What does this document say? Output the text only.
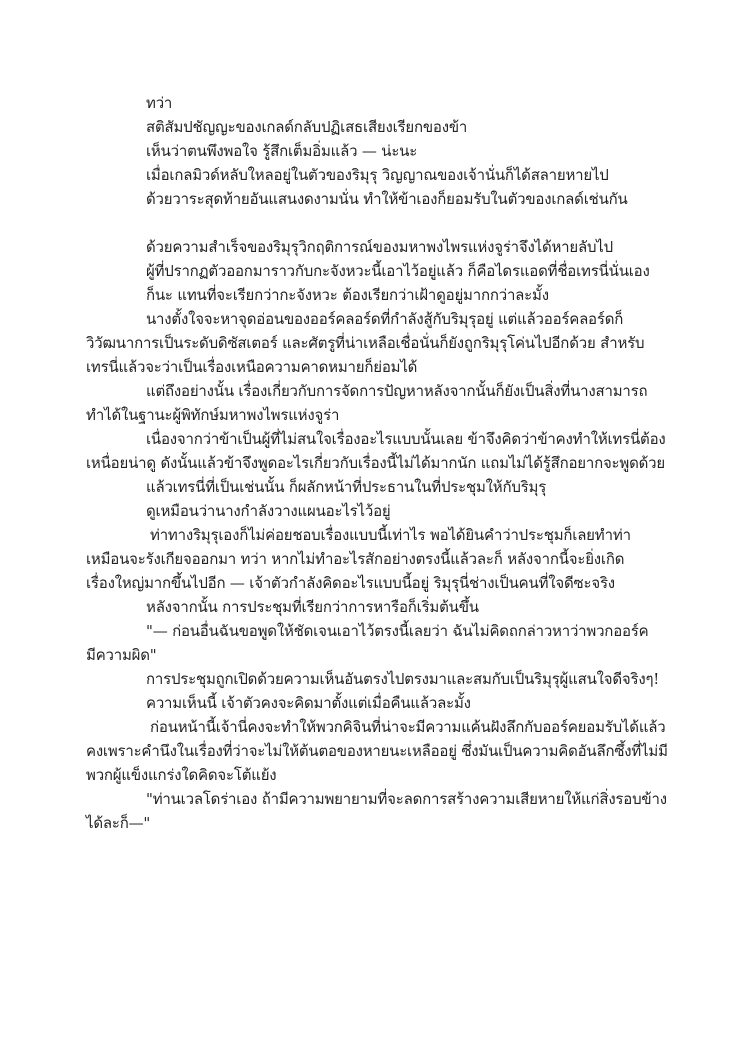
ทว่า
สติสัมปชัญญะของเกลด์กลับปฏิเสธเสียงเรียกของข้า
เห็นว่าตนพึงพอใจ รู้สึกเต็มอิ่มแล้ว — น่ะนะ
เมื่อเกลมิวด์หลับใหลอยู่ในตัวของริมุรุ วิญญาณของเจ้านั่นก็ได้สลายหายไป
ด้วยวาระสุดท้ายอันแสนงดงามนั่น ทำให้ข้าเองก็ยอมรับในตัวของเกลด์เช่นกัน
ด้วยความสำเร็จของริมุรุวิกฤติการณ์ของมหาพงไพรแห่งจูร่าจึงได้หายลับไป
ผู้ที่ปรากฏตัวออกมาราวกับกะจังหวะนี้เอาไว้อยู่แล้ว ก็คือไดรแอดที่ชื่อเทรนี่นั่นเอง
ก็นะ แทนที่จะเรียกว่ากะจังหวะ ต้องเรียกว่าเฝ้าดูอยู่มากกว่าละมั้ง
นางตั้งใจจะหาจุดอ่อนของออร์คลอร์ดที่กำลังสู้กับริมุรุอยู่ แต่แล้วออร์คลอร์ดก็
วิวัฒนาการเป็นระดับดิซัสเตอร์ และศัตรูที่น่าเหลือเชื่อนั่นก็ยังถูกริมุรุโค่นไปอีกด้วย สำหรับ
เทรนี่แล้วจะว่าเป็นเรื่องเหนือความคาดหมายก็ย่อมได้
แต่ถึงอย่างนั้น เรื่องเกี่ยวกับการจัดการปัญหาหลังจากนั้นก็ยังเป็นสิ่งที่นางสามารถ
ทำได้ในฐานะผู้พิทักษ์มหาพงไพรแห่งจูร่า
เนื่องจากว่าข้าเป็นผู้ที่ไม่สนใจเรื่องอะไรแบบนั้นเลย ข้าจึงคิดว่าข้าคงทำให้เทรนี่ต้อง
เหนื่อยน่าดู ดังนั้นแล้วข้าจึงพูดอะไรเกี่ยวกับเรื่องนี้ไม่ได้มากนัก แถมไม่ได้รู้สึกอยากจะพูดด้วย
แล้วเทรนี่ที่เป็นเช่นนั้น ก็ผลักหน้าที่ประธานในที่ประชุมให้กับริมุรุ
ดูเหมือนว่านางกำลังวางแผนอะไรไว้อยู่
ท่าทางริมุรุเองก็ไม่ค่อยชอบเรื่องแบบนี้เท่าไร พอได้ยินคำว่าประชุมก็เลยทำท่า
เหมือนจะรังเกียจออกมา ทว่า หากไม่ทำอะไรสักอย่างตรงนี้แล้วละก็ หลังจากนี้จะยิ่งเกิด
เรื่องใหญ่มากขึ้นไปอีก — เจ้าตัวกำลังคิดอะไรแบบนี้อยู่ ริมุรุนี่ช่างเป็นคนที่ใจดีซะจริง
หลังจากนั้น การประชุมที่เรียกว่าการหารือก็เริ่มต้นขึ้น
"— ก่อนอื่นฉันขอพูดให้ชัดเจนเอาไว้ตรงนี้เลยว่า ฉันไม่คิดถกล่าวหาว่าพวกออร์ค
มีความผิด"
การประชุมถูกเปิดด้วยความเห็นอันตรงไปตรงมาและสมกับเป็นริมุรุผู้แสนใจดีจริงๆ!
ความเห็นนี้ เจ้าตัวคงจะคิดมาตั้งแต่เมื่อคืนแล้วละมั้ง
ก่อนหน้านี้เจ้านี่คงจะทำให้พวกคิจินที่น่าจะมีความแค้นฝังลึกกับออร์คยอมรับได้แล้ว
คงเพราะคำนึงในเรื่องที่ว่าจะไม่ให้ต้นตอของหายนะเหลืออยู่ ซึ่งมันเป็นความคิดอันลึกซึ้งที่ไม่มี
พวกผู้แข็งแกร่งใดคิดจะโต้แย้ง
"ท่านเวลโดร่าเอง ถ้ามีความพยายามที่จะลดการสร้างความเสียหายให้แก่สิ่งรอบข้าง
ได้ละก็—"
